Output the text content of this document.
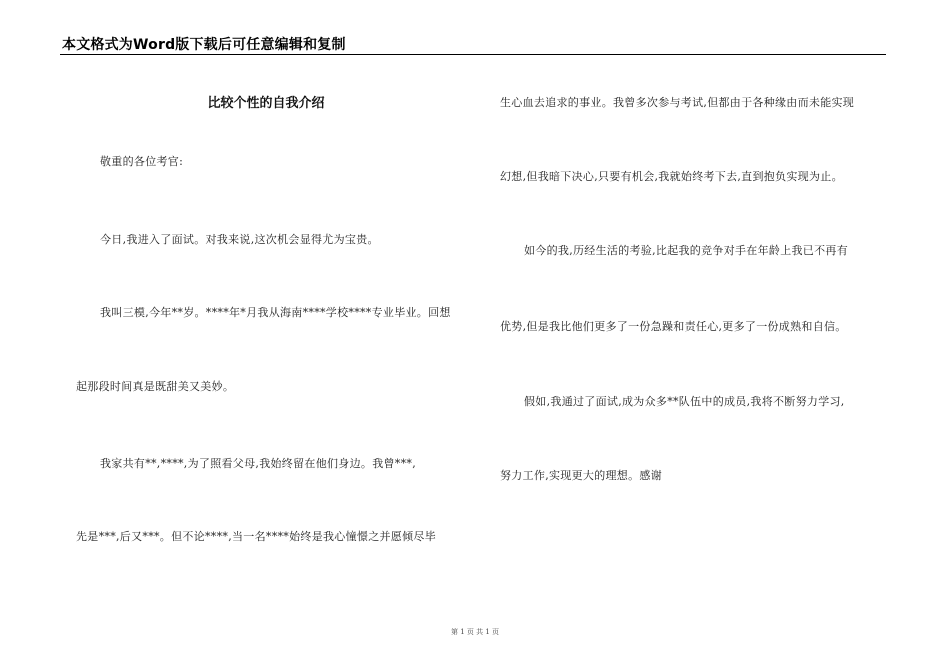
本文格式为Word版下载后可任意编辑和复制
比较个性的自我介绍
敬重的各位考官:
今日,我进入了面试。对我来说,这次机会显得尤为宝贵。
我叫三模,今年**岁。****年*月我从海南****学校****专业毕业。回想
起那段时间真是既甜美又美妙。
我家共有**,****,为了照看父母,我始终留在他们身边。我曾***,
先是***,后又***。但不论****,当一名****始终是我心憧憬之并愿倾尽毕
生心血去追求的事业。我曾多次参与考试,但都由于各种缘由而未能实现
幻想,但我暗下决心,只要有机会,我就始终考下去,直到抱负实现为止。
如今的我,历经生活的考验,比起我的竞争对手在年龄上我已不再有
优势,但是我比他们更多了一份急躁和责任心,更多了一份成熟和自信。
假如,我通过了面试,成为众多**队伍中的成员,我将不断努力学习,
努力工作,实现更大的理想。感谢
第 1 页 共 1 页
